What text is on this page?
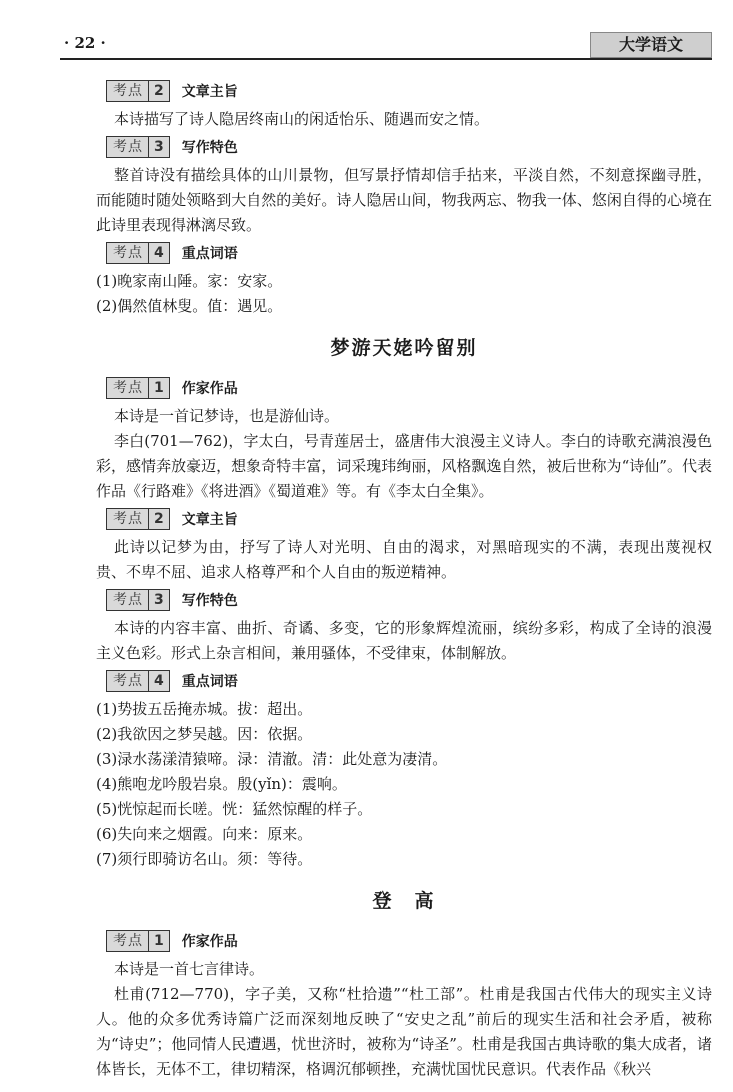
· 22 ·	大学语文
考点 2	文章主旨

本诗描写了诗人隐居终南山的闲适怡乐、随遇而安之情。

考点 3	写作特色

整首诗没有描绘具体的山川景物，但写景抒情却信手拈来，平淡自然，不刻意探幽寻胜，而能随时随处领略到大自然的美好。诗人隐居山间，物我两忘、物我一体、悠闲自得的心境在此诗里表现得淋漓尽致。

考点 4	重点词语
(1)晚家南山陲。家：安家。
(2)偶然值林叟。值：遇见。
梦游天姥吟留别
考点 1	作家作品

本诗是一首记梦诗，也是游仙诗。

李白(701—762)，字太白，号青莲居士，盛唐伟大浪漫主义诗人。李白的诗歌充满浪漫色彩，感情奔放豪迈，想象奇特丰富，词采瑰玮绚丽，风格飘逸自然，被后世称为“诗仙”。代表作品《行路难》《将进酒》《蜀道难》等。有《李太白全集》。

考点 2	文章主旨

此诗以记梦为由，抒写了诗人对光明、自由的渴求，对黑暗现实的不满，表现出蔑视权贵、不卑不屈、追求人格尊严和个人自由的叛逆精神。

考点 3	写作特色

本诗的内容丰富、曲折、奇谲、多变，它的形象辉煌流丽，缤纷多彩，构成了全诗的浪漫主义色彩。形式上杂言相间，兼用骚体，不受律束，体制解放。

考点 4	重点词语
(1)势拔五岳掩赤城。拔：超出。
(2)我欲因之梦吴越。因：依据。
(3)渌水荡漾清猿啼。渌：清澈。清：此处意为凄清。
(4)熊咆龙吟殷岩泉。殷(yǐn)：震响。
(5)恍惊起而长嗟。恍：猛然惊醒的样子。
(6)失向来之烟霞。向来：原来。
(7)须行即骑访名山。须：等待。
登　高
考点 1	作家作品

本诗是一首七言律诗。

杜甫(712—770)，字子美，又称“杜拾遗”“杜工部”。杜甫是我国古代伟大的现实主义诗人。他的众多优秀诗篇广泛而深刻地反映了“安史之乱”前后的现实生活和社会矛盾，被称为“诗史”；他同情人民遭遇，忧世济时，被称为“诗圣”。杜甫是我国古典诗歌的集大成者，诸体皆长，无体不工，律切精深，格调沉郁顿挫，充满忧国忧民意识。代表作品《秋兴
